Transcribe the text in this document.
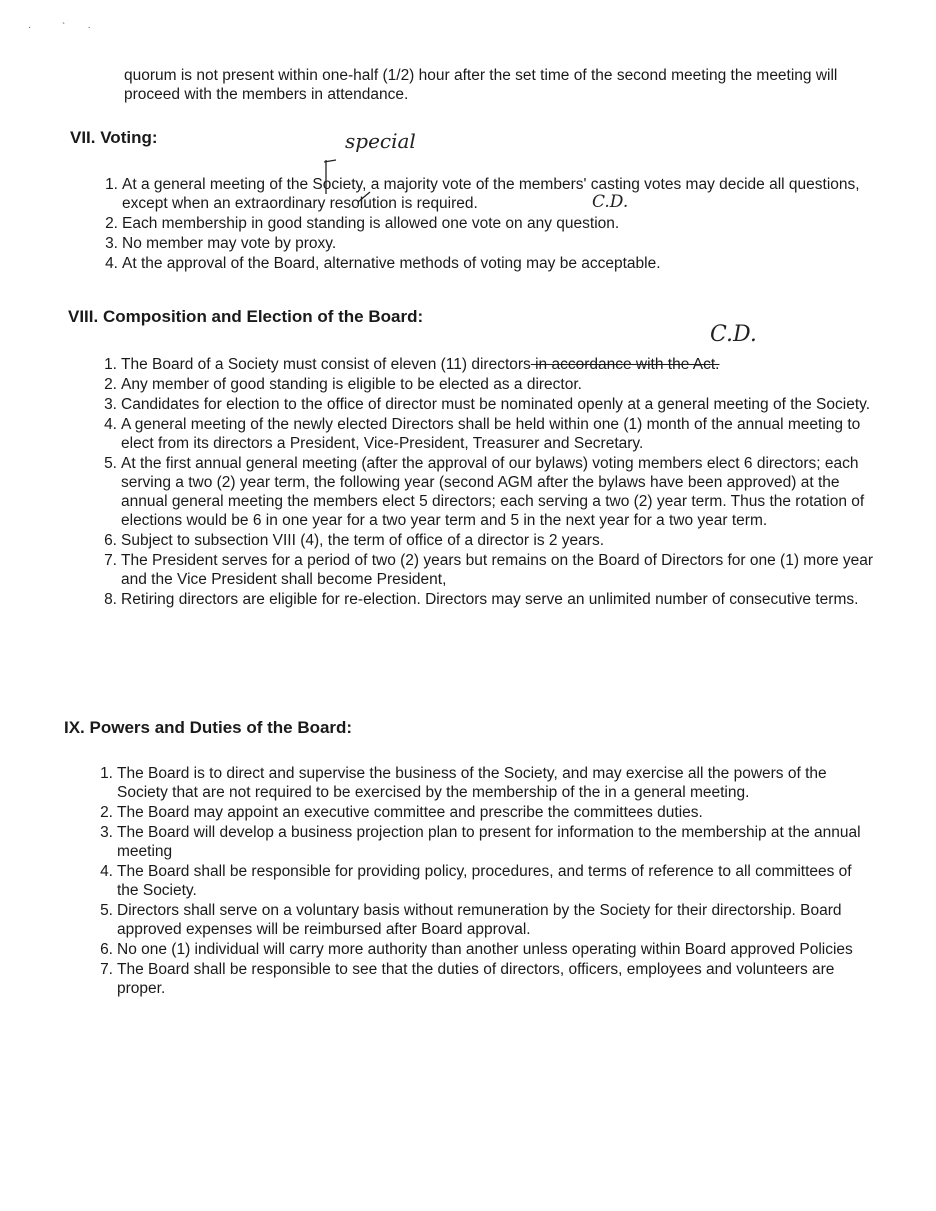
·           `        ·
quorum is not present within one-half (1/2) hour after the set time of the second meeting the meeting will proceed with the members in attendance.
VII. Voting:
1. At a general meeting of the Society, a majority vote of the members' casting votes may decide all questions, except when an extraordinary resolution is required.
2. Each membership in good standing is allowed one vote on any question.
3. No member may vote by proxy.
4. At the approval of the Board, alternative methods of voting may be acceptable.
special
C.D.
VIII. Composition and Election of the Board:
C.D.
1. The Board of a Society must consist of eleven (11) directors in accordance with the Act.
2. Any member of good standing is eligible to be elected as a director.
3. Candidates for election to the office of director must be nominated openly at a general meeting of the Society.
4. A general meeting of the newly elected Directors shall be held within one (1) month of the annual meeting to elect from its directors a President, Vice-President, Treasurer and Secretary.
5. At the first annual general meeting (after the approval of our bylaws) voting members elect 6 directors; each serving a two (2) year term, the following year (second AGM after the bylaws have been approved) at the annual general meeting the members elect 5 directors; each serving a two (2) year term. Thus the rotation of elections would be 6 in one year for a two year term and 5 in the next year for a two year term.
6. Subject to subsection VIII (4), the term of office of a director is 2 years.
7. The President serves for a period of two (2) years but remains on the Board of Directors for one (1) more year and the Vice President shall become President,
8. Retiring directors are eligible for re-election. Directors may serve an unlimited number of consecutive terms.
IX. Powers and Duties of the Board:
1. The Board is to direct and supervise the business of the Society, and may exercise all the powers of the Society that are not required to be exercised by the membership of the in a general meeting.
2. The Board may appoint an executive committee and prescribe the committees duties.
3. The Board will develop a business projection plan to present for information to the membership at the annual meeting
4. The Board shall be responsible for providing policy, procedures, and terms of reference to all committees of the Society.
5. Directors shall serve on a voluntary basis without remuneration by the Society for their directorship. Board approved expenses will be reimbursed after Board approval.
6. No one (1) individual will carry more authority than another unless operating within Board approved Policies
7. The Board shall be responsible to see that the duties of directors, officers, employees and volunteers are proper.
